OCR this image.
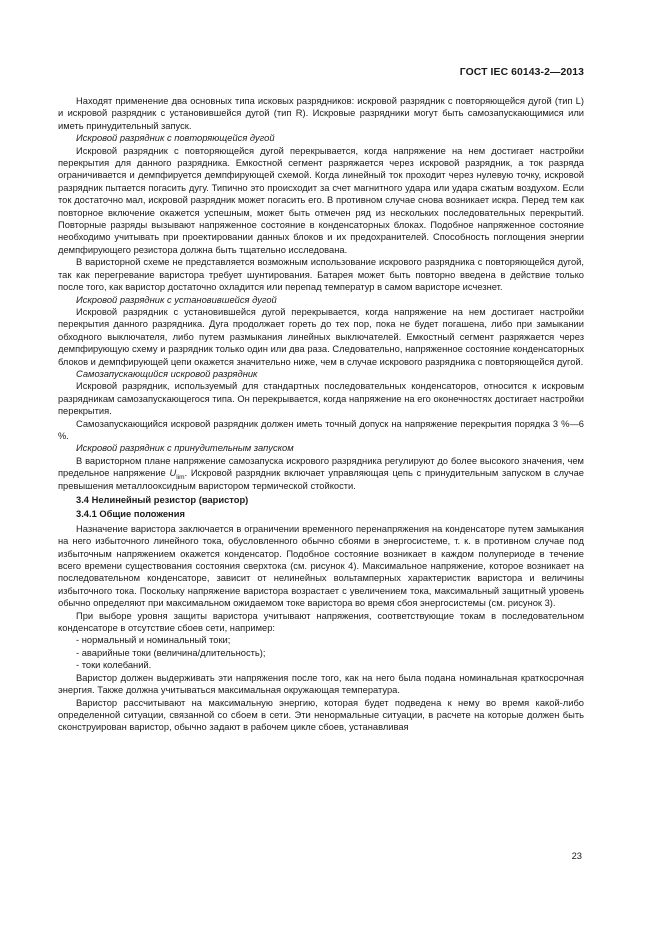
ГОСТ IEC 60143-2—2013

Находят применение два основных типа исковых разрядников: искровой разрядник с повторяющейся дугой (тип L) и искровой разрядник с установившейся дугой (тип R). Искровые разрядники могут быть самозапускающимися или иметь принудительный запуск.

Искровой разрядник с повторяющейся дугой

Искровой разрядник с повторяющейся дугой перекрывается, когда напряжение на нем достигает настройки перекрытия для данного разрядника. Емкостной сегмент разряжается через искровой разрядник, а ток разряда ограничивается и демпфируется демпфирующей схемой. Когда линейный ток проходит через нулевую точку, искровой разрядник пытается погасить дугу. Типично это происходит за счет магнитного удара или удара сжатым воздухом. Если ток достаточно мал, искровой разрядник может погасить его. В противном случае снова возникает искра. Перед тем как повторное включение окажется успешным, может быть отмечен ряд из нескольких последовательных перекрытий. Повторные разряды вызывают напряженное состояние в конденсаторных блоках. Подобное напряженное состояние необходимо учитывать при проектировании данных блоков и их предохранителей. Способность поглощения энергии демпфирующего резистора должна быть тщательно исследована.

В варисторной схеме не представляется возможным использование искрового разрядника с повторяющейся дугой, так как перегревание варистора требует шунтирования. Батарея может быть повторно введена в действие только после того, как варистор достаточно охладится или перепад температур в самом варисторе исчезнет.

Искровой разрядник с установившейся дугой

Искровой разрядник с установившейся дугой перекрывается, когда напряжение на нем достигает настройки перекрытия данного разрядника. Дуга продолжает гореть до тех пор, пока не будет погашена, либо при замыкании обходного выключателя, либо путем размыкания линейных выключателей. Емкостный сегмент разряжается через демпфирующую схему и разрядник только один или два раза. Следовательно, напряженное состояние конденсаторных блоков и демпфирующей цепи окажется значительно ниже, чем в случае искрового разрядника с повторяющейся дугой.

Самозапускающийся искровой разрядник

Искровой разрядник, используемый для стандартных последовательных конденсаторов, относится к искровым разрядникам самозапускающегося типа. Он перекрывается, когда напряжение на его оконечностях достигает настройки перекрытия.

Самозапускающийся искровой разрядник должен иметь точный допуск на напряжение перекрытия порядка 3 %—6 %.

Искровой разрядник с принудительным запуском

В варисторном плане напряжение самозапуска искрового разрядника регулируют до более высокого значения, чем предельное напряжение $U_{lim}$. Искровой разрядник включает управляющая цепь с принудительным запуском в случае превышения металлооксидным варистором термической стойкости.

3.4 Нелинейный резистор (варистор)

3.4.1 Общие положения

Назначение варистора заключается в ограничении временного перенапряжения на конденсаторе путем замыкания на него избыточного линейного тока, обусловленного обычно сбоями в энергосистеме, т. к. в противном случае под избыточным напряжением окажется конденсатор. Подобное состояние возникает в каждом полупериоде в течение всего времени существования состояния сверхтока (см. рисунок 4). Максимальное напряжение, которое возникает на последовательном конденсаторе, зависит от нелинейных вольтамперных характеристик варистора и величины избыточного тока. Поскольку напряжение варистора возрастает с увеличением тока, максимальный защитный уровень обычно определяют при максимальном ожидаемом токе варистора во время сбоя энергосистемы (см. рисунок 3).

При выборе уровня защиты варистора учитывают напряжения, соответствующие токам в последовательном конденсаторе в отсутствие сбоев сети, например:

- нормальный и номинальный токи;

- аварийные токи (величина/длительность);

- токи колебаний.

Варистор должен выдерживать эти напряжения после того, как на него была подана номинальная краткосрочная энергия. Также должна учитываться максимальная окружающая температура.

Варистор рассчитывают на максимальную энергию, которая будет подведена к нему во время какой-либо определенной ситуации, связанной со сбоем в сети. Эти ненормальные ситуации, в расчете на которые должен быть сконструирован варистор, обычно задают в рабочем цикле сбоев, устанавливая

23
